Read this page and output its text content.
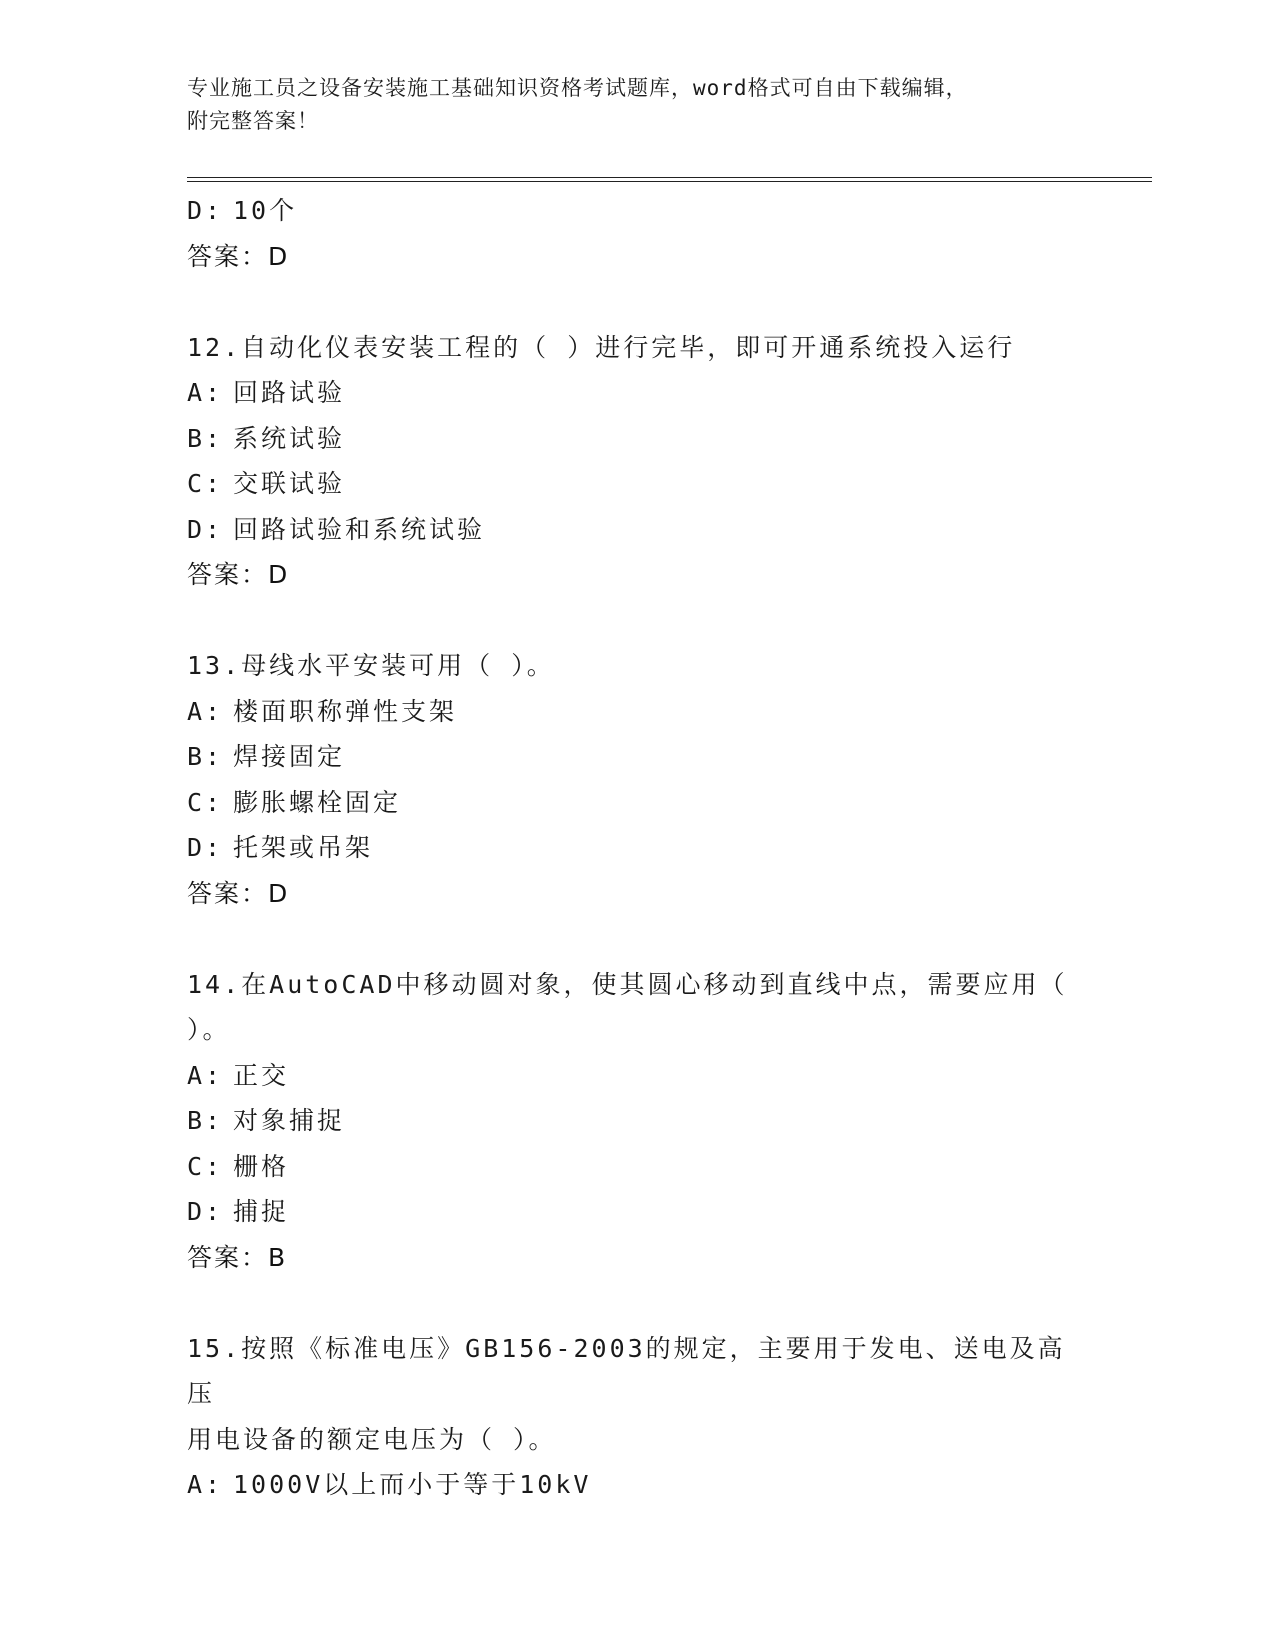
专业施工员之设备安装施工基础知识资格考试题库，word格式可自由下载编辑，
附完整答案！
D: 10个
答案：D
12.自动化仪表安装工程的（ ）进行完毕，即可开通系统投入运行
A: 回路试验
B: 系统试验
C: 交联试验
D: 回路试验和系统试验
答案：D
13.母线水平安装可用（ ）。
A: 楼面职称弹性支架
B: 焊接固定
C: 膨胀螺栓固定
D: 托架或吊架
答案：D
14.在AutoCAD中移动圆对象，使其圆心移动到直线中点，需要应用（
）。
A: 正交
B: 对象捕捉
C: 栅格
D: 捕捉
答案：B
15.按照《标准电压》GB156-2003的规定，主要用于发电、送电及高压
用电设备的额定电压为（ ）。
A: 1000V以上而小于等于10kV
